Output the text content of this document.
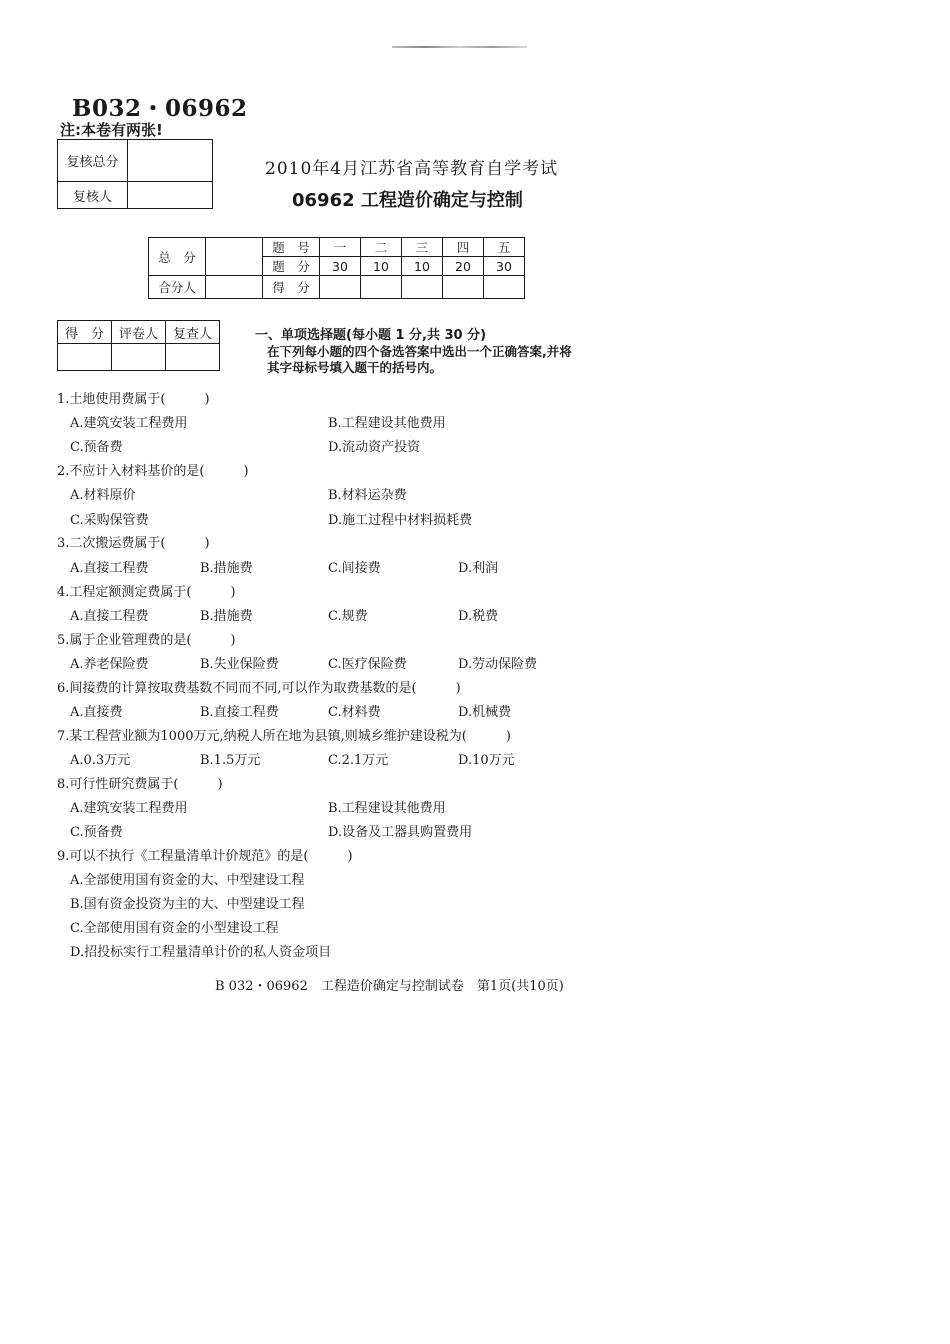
B032・06962
注:本卷有两张!
复核总分	
复核人	
2010年4月江苏省高等教育自学考试
06962 工程造价确定与控制
总　分		题　号	一	二	三	四	五
		题　分	30	10	10	20	30
合分人		得　分					
得　分	评卷人	复查人
			一、单项选择题(每小题 1 分,共 30 分)
在下列每小题的四个备选答案中选出一个正确答案,并将
其字母标号填入题干的括号内。
1.土地使用费属于(　　　)
A.建筑安装工程费用	B.工程建设其他费用
C.预备费	D.流动资产投资
2.不应计入材料基价的是(　　　)
A.材料原价	B.材料运杂费
C.采购保管费	D.施工过程中材料损耗费
3.二次搬运费属于(　　　)
A.直接工程费	B.措施费	C.间接费	D.利润
4.工程定额测定费属于(　　　)
A.直接工程费	B.措施费	C.规费	D.税费
5.属于企业管理费的是(　　　)
A.养老保险费	B.失业保险费	C.医疗保险费	D.劳动保险费
6.间接费的计算按取费基数不同而不同,可以作为取费基数的是(　　　)
A.直接费	B.直接工程费	C.材料费	D.机械费
7.某工程营业额为1000万元,纳税人所在地为县镇,则城乡维护建设税为(　　　)
A.0.3万元	B.1.5万元	C.2.1万元	D.10万元
8.可行性研究费属于(　　　)
A.建筑安装工程费用	B.工程建设其他费用
C.预备费	D.设备及工器具购置费用
9.可以不执行《工程量清单计价规范》的是(　　　)
A.全部使用国有资金的大、中型建设工程
B.国有资金投资为主的大、中型建设工程
C.全部使用国有资金的小型建设工程
D.招投标实行工程量清单计价的私人资金项目
B 032・06962　工程造价确定与控制试卷　第1页(共10页)
